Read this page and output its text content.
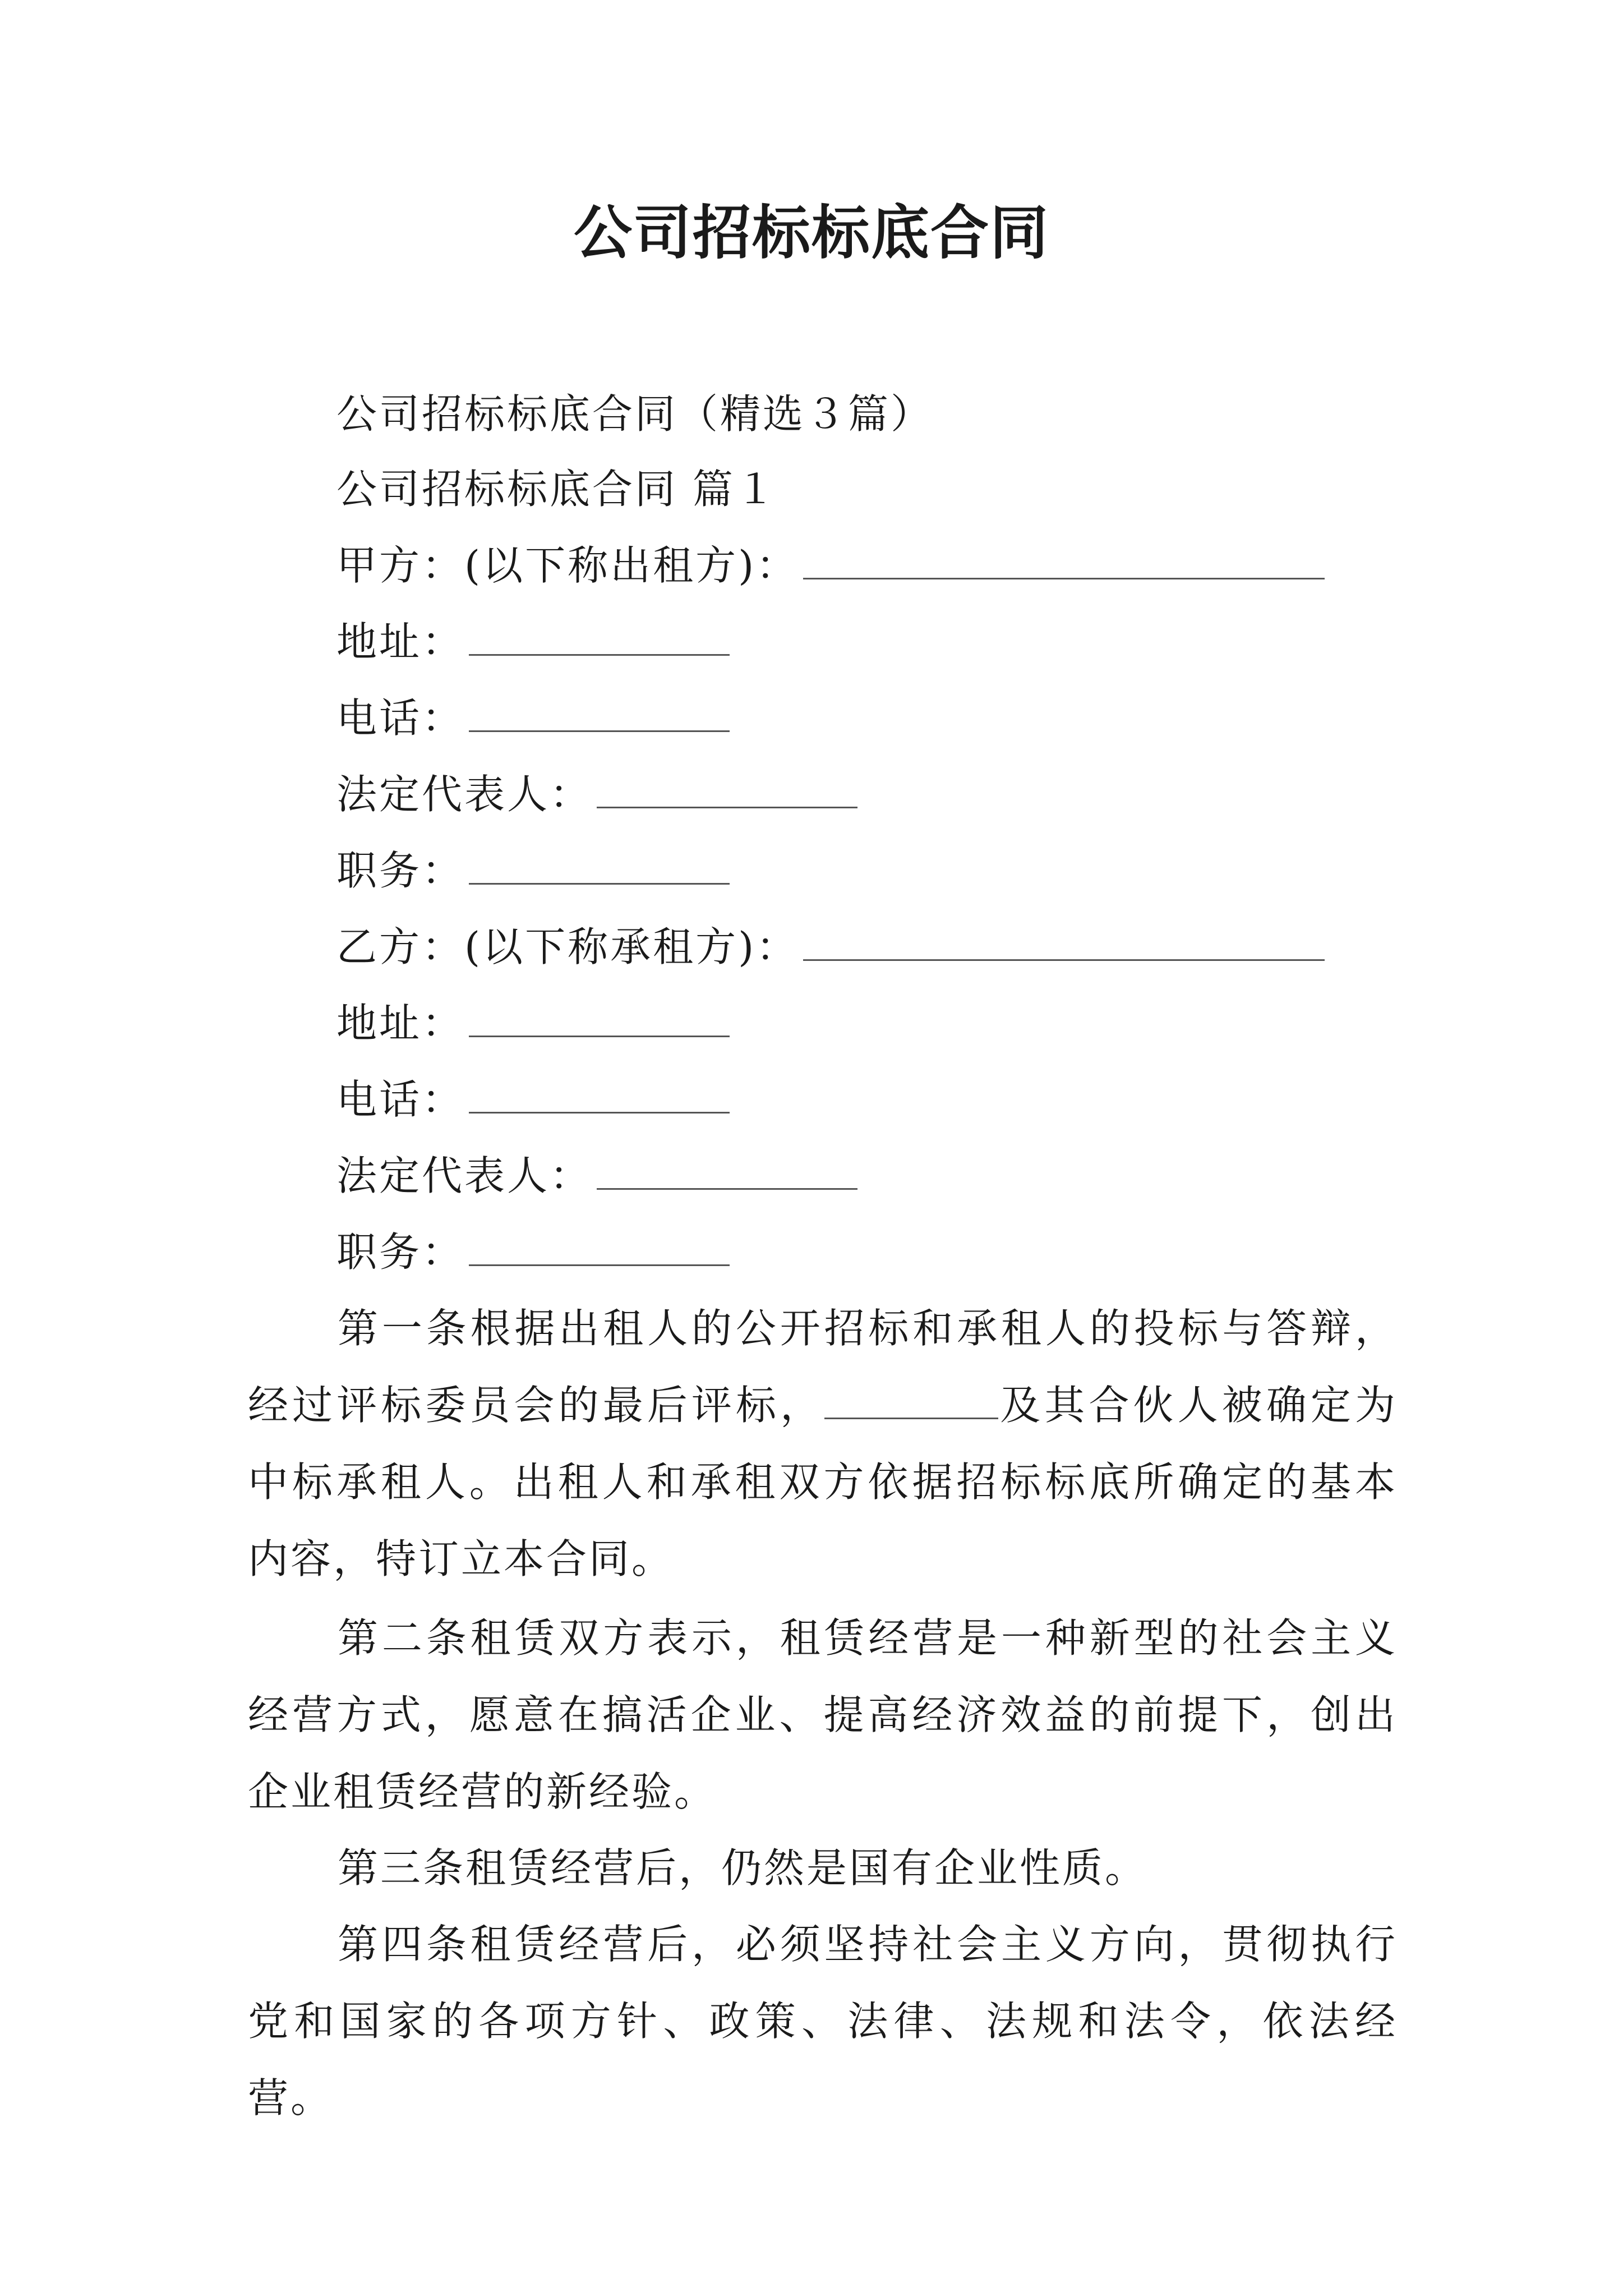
公司招标标底合同
公司招标标底合同（精选３篇）
公司招标标底合同 篇１
甲方：(以下称出租方)：
地址：
电话：
法定代表人：
职务：
乙方：(以下称承租方)：
地址：
电话：
法定代表人：
职务：

第一条根据出租人的公开招标和承租人的投标与答辩，经过评标委员会的最后评标，	及其合伙人被确定为中标承租人。出租人和承租双方依据招标标底所确定的基本内容，特订立本合同。

第二条租赁双方表示，租赁经营是一种新型的社会主义经营方式，愿意在搞活企业、提高经济效益的前提下，创出企业租赁经营的新经验。

第三条租赁经营后，仍然是国有企业性质。

第四条租赁经营后，必须坚持社会主义方向，贯彻执行党和国家的各项方针、政策、法律、法规和法令，依法经营。
